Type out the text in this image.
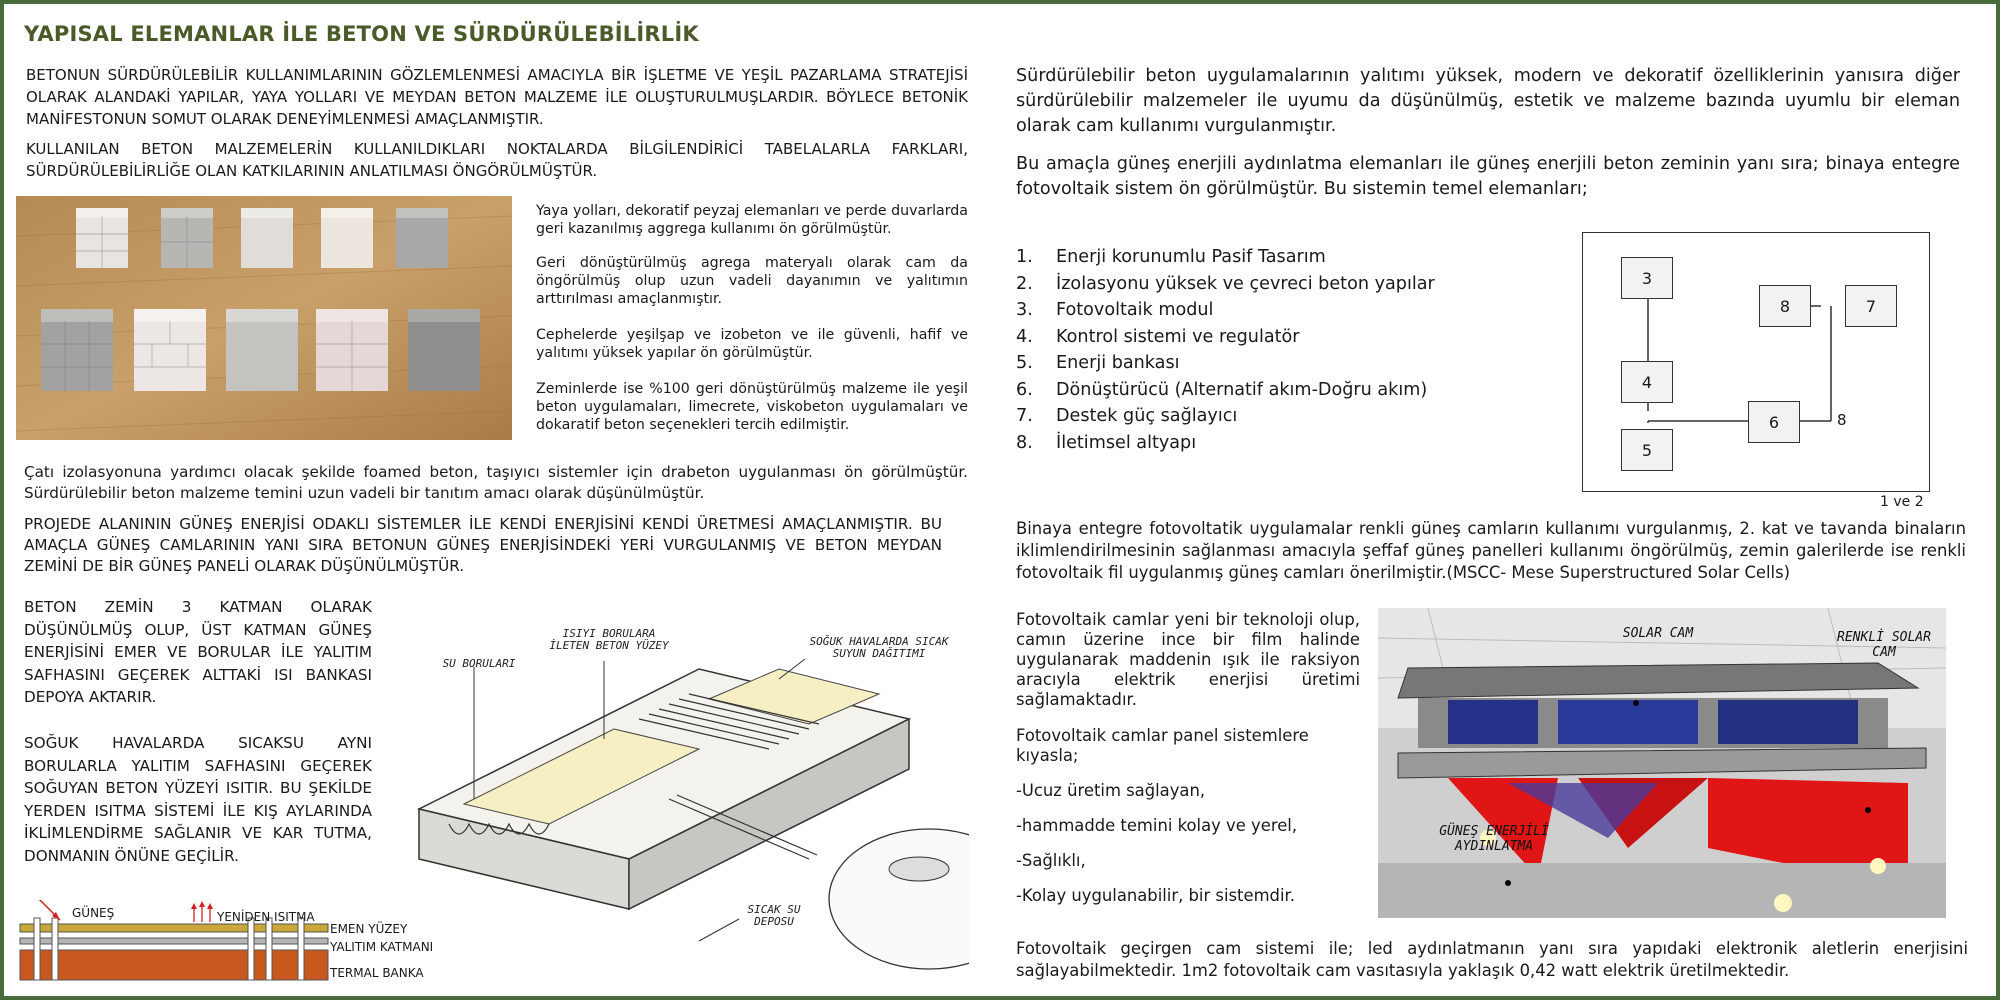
YAPISAL ELEMANLAR İLE BETON VE SÜRDÜRÜLEBİLİRLİK
BETONUN SÜRDÜRÜLEBİLİR KULLANIMLARININ GÖZLEMLENMESİ AMACIYLA BİR İŞLETME VE YEŞİL PAZARLAMA STRATEJİSİ OLARAK ALANDAKİ YAPILAR, YAYA YOLLARI VE MEYDAN BETON MALZEME İLE OLUŞTURULMUŞLARDIR. BÖYLECE BETONİK MANİFESTONUN SOMUT OLARAK DENEYİMLENMESİ AMAÇLANMIŞTIR.
KULLANILAN BETON MALZEMELERİN KULLANILDIKLARI NOKTALARDA BİLGİLENDİRİCİ TABELALARLA FARKLARI, SÜRDÜRÜLEBİLİRLİĞE OLAN KATKILARININ ANLATILMASI ÖNGÖRÜLMÜŞTÜR.
Yaya yolları, dekoratif peyzaj elemanları ve perde duvarlarda geri kazanılmış aggrega kullanımı ön görülmüştür.
Geri dönüştürülmüş agrega materyalı olarak cam da öngörülmüş olup uzun vadeli dayanımın ve yalıtımın arttırılması amaçlanmıştır.
Cephelerde yeşilşap ve izobeton ve ile güvenli, hafif ve yalıtımı yüksek yapılar ön görülmüştür.
Zeminlerde ise %100 geri dönüştürülmüş malzeme ile yeşil beton uygulamaları, limecrete, viskobeton uygulamaları ve dokaratif beton seçenekleri tercih edilmiştir.
Çatı izolasyonuna yardımcı olacak şekilde foamed beton, taşıyıcı sistemler için drabeton uygulanması ön görülmüştür. Sürdürülebilir beton malzeme temini uzun vadeli bir tanıtım amacı olarak düşünülmüştür.
PROJEDE ALANININ GÜNEŞ ENERJİSİ ODAKLI SİSTEMLER İLE KENDİ ENERJİSİNİ KENDİ ÜRETMESİ AMAÇLANMIŞTIR. BU AMAÇLA GÜNEŞ CAMLARININ YANI SIRA BETONUN GÜNEŞ ENERJİSİNDEKİ YERİ VURGULANMIŞ VE BETON MEYDAN ZEMİNİ DE BİR GÜNEŞ PANELİ OLARAK DÜŞÜNÜLMÜŞTÜR.
BETON ZEMİN 3 KATMAN OLARAK DÜŞÜNÜLMÜŞ OLUP, ÜST KATMAN GÜNEŞ ENERJİSİNİ EMER VE BORULAR İLE YALITIM SAFHASINI GEÇEREK ALTTAKİ ISI BANKASI DEPOYA AKTARIR.
SOĞUK HAVALARDA SICAKSU AYNI BORULARLA YALITIM SAFHASINI GEÇEREK SOĞUYAN BETON YÜZEYİ ISITIR. BU ŞEKİLDE YERDEN ISITMA SİSTEMİ İLE KIŞ AYLARINDA İKLİMLENDİRME SAĞLANIR VE KAR TUTMA, DONMANIN ÖNÜNE GEÇİLİR.
GÜNEŞ	YENİDEN ISITMA
EMEN YÜZEY
YALITIM KATMANI
TERMAL BANKA
SU BORULARI
ISIYI BORULARA İLETEN BETON YÜZEY	SOĞUK HAVALARDA SICAK SUYUN DAĞITIMI
SICAK SU DEPOSU
Sürdürülebilir beton uygulamalarının yalıtımı yüksek, modern ve dekoratif özelliklerinin yanısıra diğer sürdürülebilir malzemeler ile uyumu da düşünülmüş, estetik ve malzeme bazında uyumlu bir eleman olarak cam kullanımı vurgulanmıştır.
Bu amaçla güneş enerjili aydınlatma elemanları ile güneş enerjili beton zeminin yanı sıra; binaya entegre fotovoltaik sistem ön görülmüştür. Bu sistemin temel elemanları;
1. Enerji korunumlu Pasif Tasarım
2. İzolasyonu yüksek ve çevreci beton yapılar
3. Fotovoltaik modul
4. Kontrol sistemi ve regulatör
5. Enerji bankası
6. Dönüştürücü (Alternatif akım-Doğru akım)
7. Destek güç sağlayıcı
8. İletimsel altyapı
3
4
5
6
8	7
8
1 ve 2
Binaya entegre fotovoltatik uygulamalar renkli güneş camların kullanımı vurgulanmış, 2. kat ve tavanda binaların iklimlendirilmesinin sağlanması amacıyla şeffaf güneş panelleri kullanımı öngörülmüş, zemin galerilerde ise renkli fotovoltaik fil uygulanmış güneş camları önerilmiştir.(MSCC- Mese Superstructured Solar Cells)
Fotovoltaik camlar yeni bir teknoloji olup, camın üzerine ince bir film halinde uygulanarak maddenin ışık ile raksiyon aracıyla elektrik enerjisi üretimi sağlamaktadır.
Fotovoltaik camlar panel sistemlere kıyasla;
-Ucuz üretim sağlayan,
-hammadde temini kolay ve yerel,
-Sağlıklı,
-Kolay uygulanabilir, bir sistemdir.
SOLAR CAM	RENKLİ SOLAR CAM
GÜNEŞ ENERJİLİ AYDINLATMA
Fotovoltaik geçirgen cam sistemi ile; led aydınlatmanın yanı sıra yapıdaki elektronik aletlerin enerjisini sağlayabilmektedir. 1m2 fotovoltaik cam vasıtasıyla yaklaşık 0,42 watt elektrik üretilmektedir.
